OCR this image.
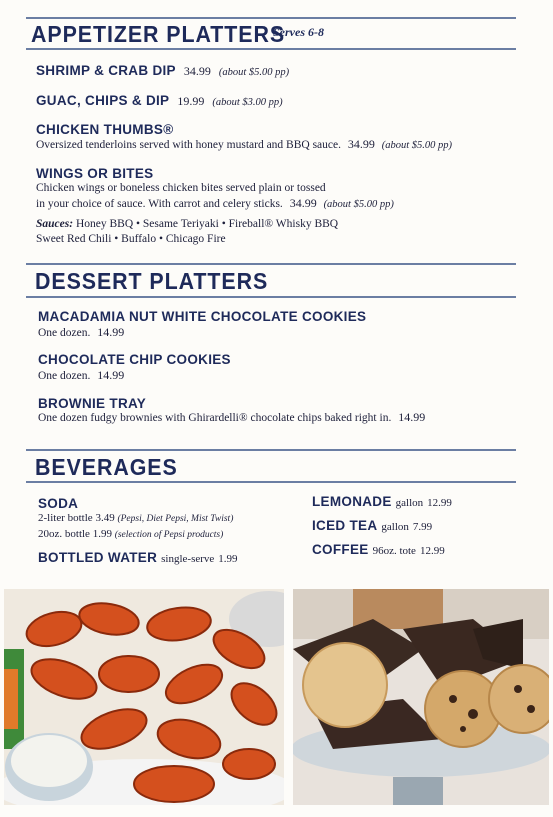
APPETIZER PLATTERS
Serves 6-8
SHRIMP & CRAB DIP 34.99 (about $5.00 pp)
GUAC, CHIPS & DIP 19.99 (about $3.00 pp)
CHICKEN THUMBS®
Oversized tenderloins served with honey mustard and BBQ sauce. 34.99 (about $5.00 pp)
WINGS OR BITES
Chicken wings or boneless chicken bites served plain or tossed
in your choice of sauce. With carrot and celery sticks. 34.99 (about $5.00 pp)
Sauces: Honey BBQ • Sesame Teriyaki • Fireball® Whisky BBQ
Sweet Red Chili • Buffalo • Chicago Fire
DESSERT PLATTERS
MACADAMIA NUT WHITE CHOCOLATE COOKIES
One dozen. 14.99
CHOCOLATE CHIP COOKIES
One dozen. 14.99
BROWNIE TRAY
One dozen fudgy brownies with Ghirardelli® chocolate chips baked right in. 14.99
BEVERAGES
SODA
2-liter bottle 3.49 (Pepsi, Diet Pepsi, Mist Twist)
20oz. bottle 1.99 (selection of Pepsi products)
BOTTLED WATER single-serve 1.99
LEMONADE gallon 12.99
ICED TEA gallon 7.99
COFFEE 96oz. tote 12.99
